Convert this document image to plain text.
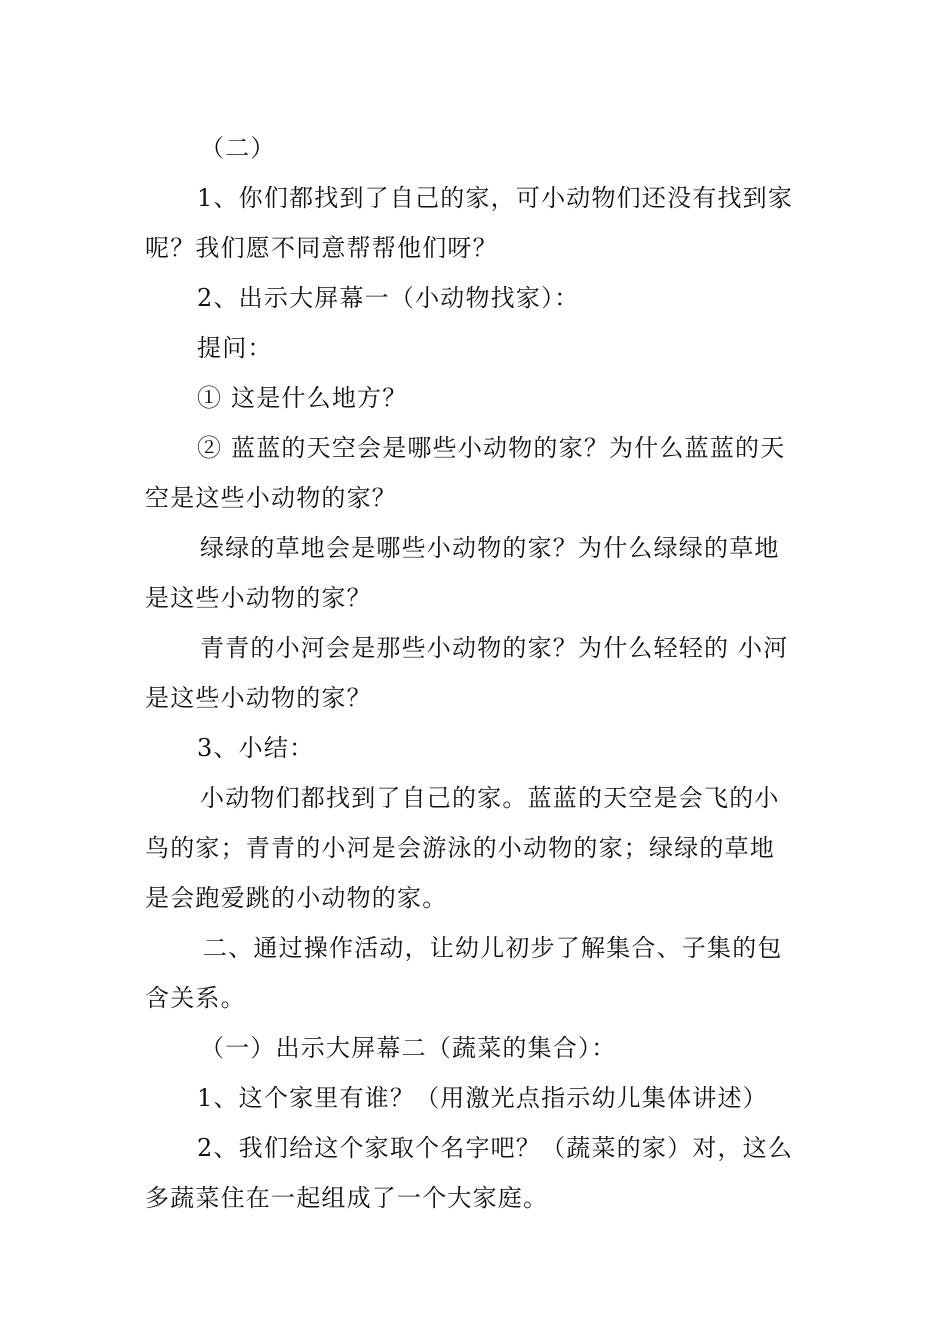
（二）
1、你们都找到了自己的家，可小动物们还没有找到家
呢？我们愿不同意帮帮他们呀？
2、出示大屏幕一（小动物找家）：
提问：
① 这是什么地方？
② 蓝蓝的天空会是哪些小动物的家？为什么蓝蓝的天
空是这些小动物的家？
绿绿的草地会是哪些小动物的家？为什么绿绿的草地
是这些小动物的家？
青青的小河会是那些小动物的家？为什么轻轻的 小河
是这些小动物的家？
3、小结：
小动物们都找到了自己的家。蓝蓝的天空是会飞的小
鸟的家；青青的小河是会游泳的小动物的家；绿绿的草地
是会跑爱跳的小动物的家。
二、通过操作活动，让幼儿初步了解集合、子集的包
含关系。
（一）出示大屏幕二（蔬菜的集合）：
1、这个家里有谁？（用激光点指示幼儿集体讲述）
2、我们给这个家取个名字吧？（蔬菜的家）对，这么
多蔬菜住在一起组成了一个大家庭。
